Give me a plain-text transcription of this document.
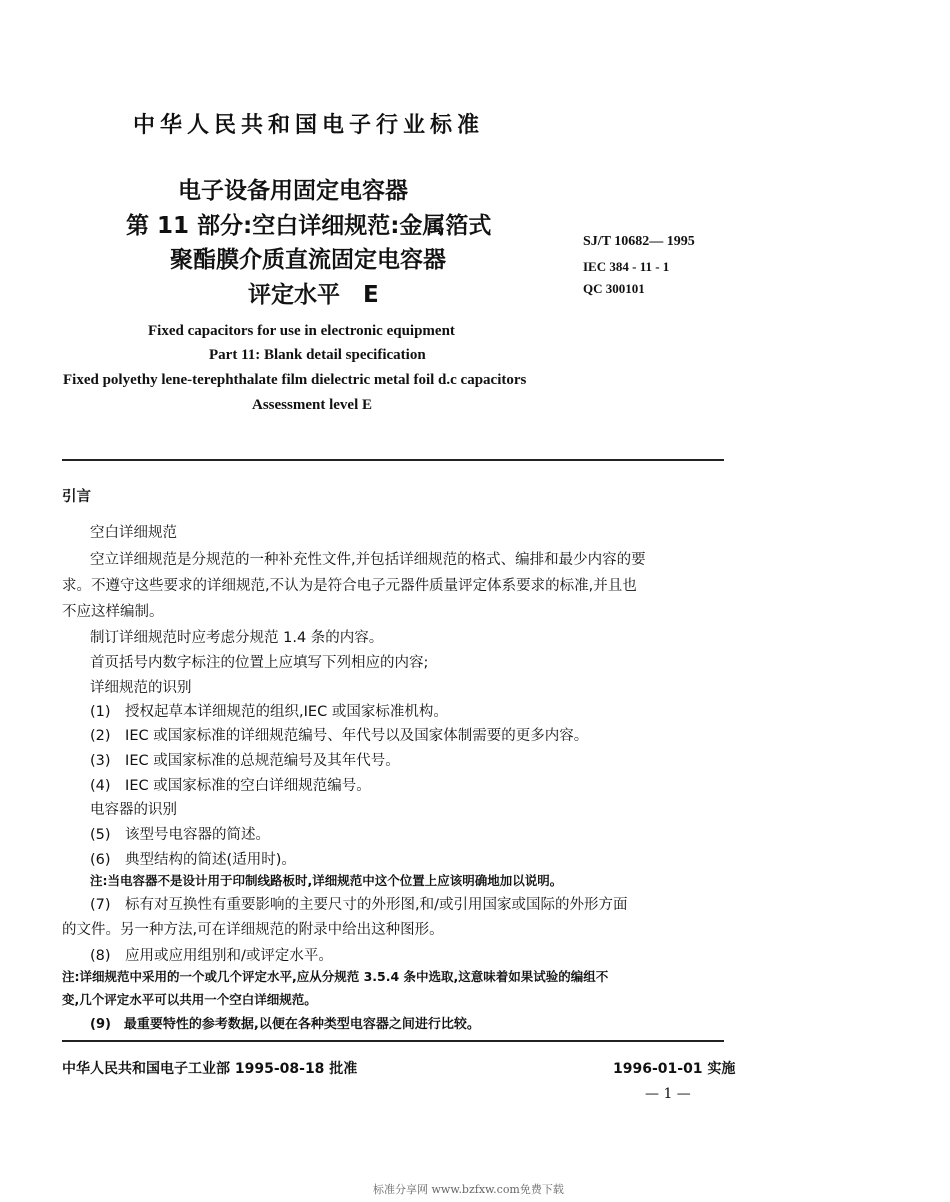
中华人民共和国电子行业标准
电子设备用固定电容器
第 11 部分:空白详细规范:金属箔式
聚酯膜介质直流固定电容器
评定水平　E
SJ/T 10682— 1995
IEC 384 - 11 - 1
QC 300101
Fixed capacitors for use in electronic equipment
Part 11: Blank detail specification
Fixed polyethy lene-terephthalate film dielectric metal foil d.c capacitors
Assessment level E
引言
空白详细规范
空立详细规范是分规范的一种补充性文件,并包括详细规范的格式、编排和最少内容的要
求。不遵守这些要求的详细规范,不认为是符合电子元器件质量评定体系要求的标准,并且也
不应这样编制。
制订详细规范时应考虑分规范 1.4 条的内容。
首页括号内数字标注的位置上应填写下列相应的内容;
详细规范的识别
(1)　授权起草本详细规范的组织,IEC 或国家标准机构。
(2)　IEC 或国家标准的详细规范编号、年代号以及国家体制需要的更多内容。
(3)　IEC 或国家标准的总规范编号及其年代号。
(4)　IEC 或国家标准的空白详细规范编号。
电容器的识别
(5)　该型号电容器的简述。
(6)　典型结构的简述(适用时)。
注:当电容器不是设计用于印制线路板时,详细规范中这个位置上应该明确地加以说明。
(7)　标有对互换性有重要影响的主要尺寸的外形图,和/或引用国家或国际的外形方面
的文件。另一种方法,可在详细规范的附录中给出这种图形。
(8)　应用或应用组别和/或评定水平。
注:详细规范中采用的一个或几个评定水平,应从分规范 3.5.4 条中选取,这意味着如果试验的编组不
变,几个评定水平可以共用一个空白详细规范。
(9)　最重要特性的参考数据,以便在各种类型电容器之间进行比较。
中华人民共和国电子工业部 1995-08-18 批准	1996-01-01 实施
— 1 —
标准分享网 www.bzfxw.com免费下载
